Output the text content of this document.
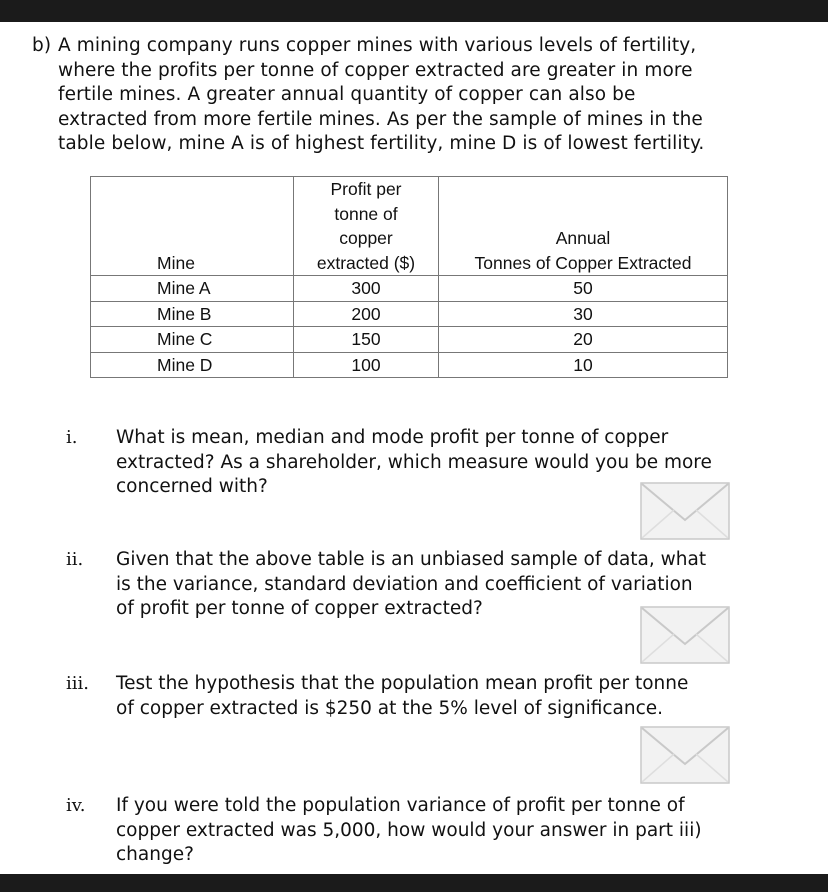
b) A mining company runs copper mines with various levels of fertility,
where the profits per tonne of copper extracted are greater in more
fertile mines. A greater annual quantity of copper can also be
extracted from more fertile mines. As per the sample of mines in the
table below, mine A is of highest fertility, mine D is of lowest fertility.
Mine	Profit per
tonne of
copper
extracted ($)	Annual
Tonnes of Copper Extracted

Mine A	300	50
Mine B	200	30
Mine C	150	20
Mine D	100	10
i.	What is mean, median and mode profit per tonne of copper
extracted? As a shareholder, which measure would you be more
concerned with?
ii.	Given that the above table is an unbiased sample of data, what
is the variance, standard deviation and coefficient of variation
of profit per tonne of copper extracted?
iii.	Test the hypothesis that the population mean profit per tonne
of copper extracted is $250 at the 5% level of significance.
iv.	If you were told the population variance of profit per tonne of
copper extracted was 5,000, how would your answer in part iii)
change?
